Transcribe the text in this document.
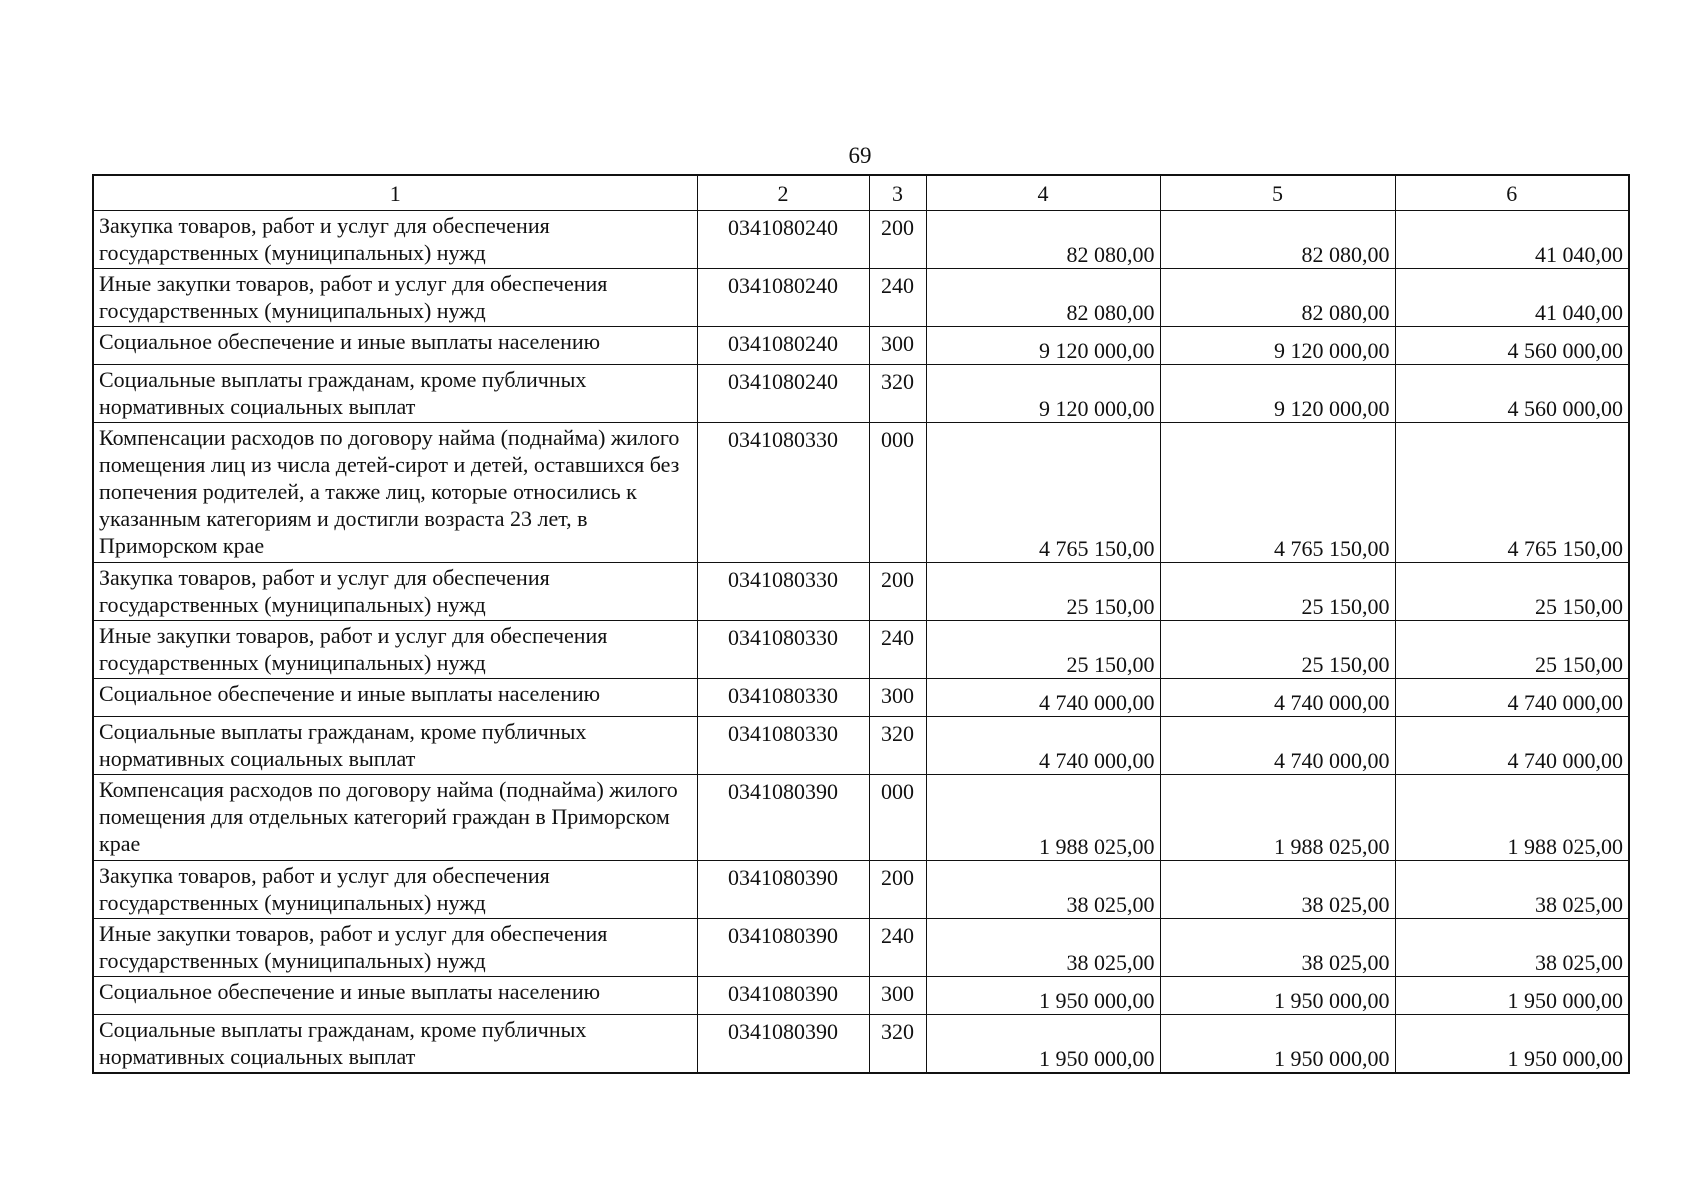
69
1	2	3	4	5	6
Закупка товаров, работ и услуг для обеспечения государственных (муниципальных) нужд	0341080240	200	82 080,00	82 080,00	41 040,00
Иные закупки товаров, работ и услуг для обеспечения государственных (муниципальных) нужд	0341080240	240	82 080,00	82 080,00	41 040,00
Социальное обеспечение и иные выплаты населению	0341080240	300	9 120 000,00	9 120 000,00	4 560 000,00
Социальные выплаты гражданам, кроме публичных нормативных социальных выплат	0341080240	320	9 120 000,00	9 120 000,00	4 560 000,00
Компенсации расходов по договору найма (поднайма) жилого помещения лиц из числа детей-сирот и детей, оставшихся без попечения родителей, а также лиц, которые относились к указанным категориям и достигли возраста 23 лет, в Приморском крае	0341080330	000	4 765 150,00	4 765 150,00	4 765 150,00
Закупка товаров, работ и услуг для обеспечения государственных (муниципальных) нужд	0341080330	200	25 150,00	25 150,00	25 150,00
Иные закупки товаров, работ и услуг для обеспечения государственных (муниципальных) нужд	0341080330	240	25 150,00	25 150,00	25 150,00
Социальное обеспечение и иные выплаты населению	0341080330	300	4 740 000,00	4 740 000,00	4 740 000,00
Социальные выплаты гражданам, кроме публичных нормативных социальных выплат	0341080330	320	4 740 000,00	4 740 000,00	4 740 000,00
Компенсация расходов по договору найма (поднайма) жилого помещения для отдельных категорий граждан в Приморском крае	0341080390	000	1 988 025,00	1 988 025,00	1 988 025,00
Закупка товаров, работ и услуг для обеспечения государственных (муниципальных) нужд	0341080390	200	38 025,00	38 025,00	38 025,00
Иные закупки товаров, работ и услуг для обеспечения государственных (муниципальных) нужд	0341080390	240	38 025,00	38 025,00	38 025,00
Социальное обеспечение и иные выплаты населению	0341080390	300	1 950 000,00	1 950 000,00	1 950 000,00
Социальные выплаты гражданам, кроме публичных нормативных социальных выплат	0341080390	320	1 950 000,00	1 950 000,00	1 950 000,00
